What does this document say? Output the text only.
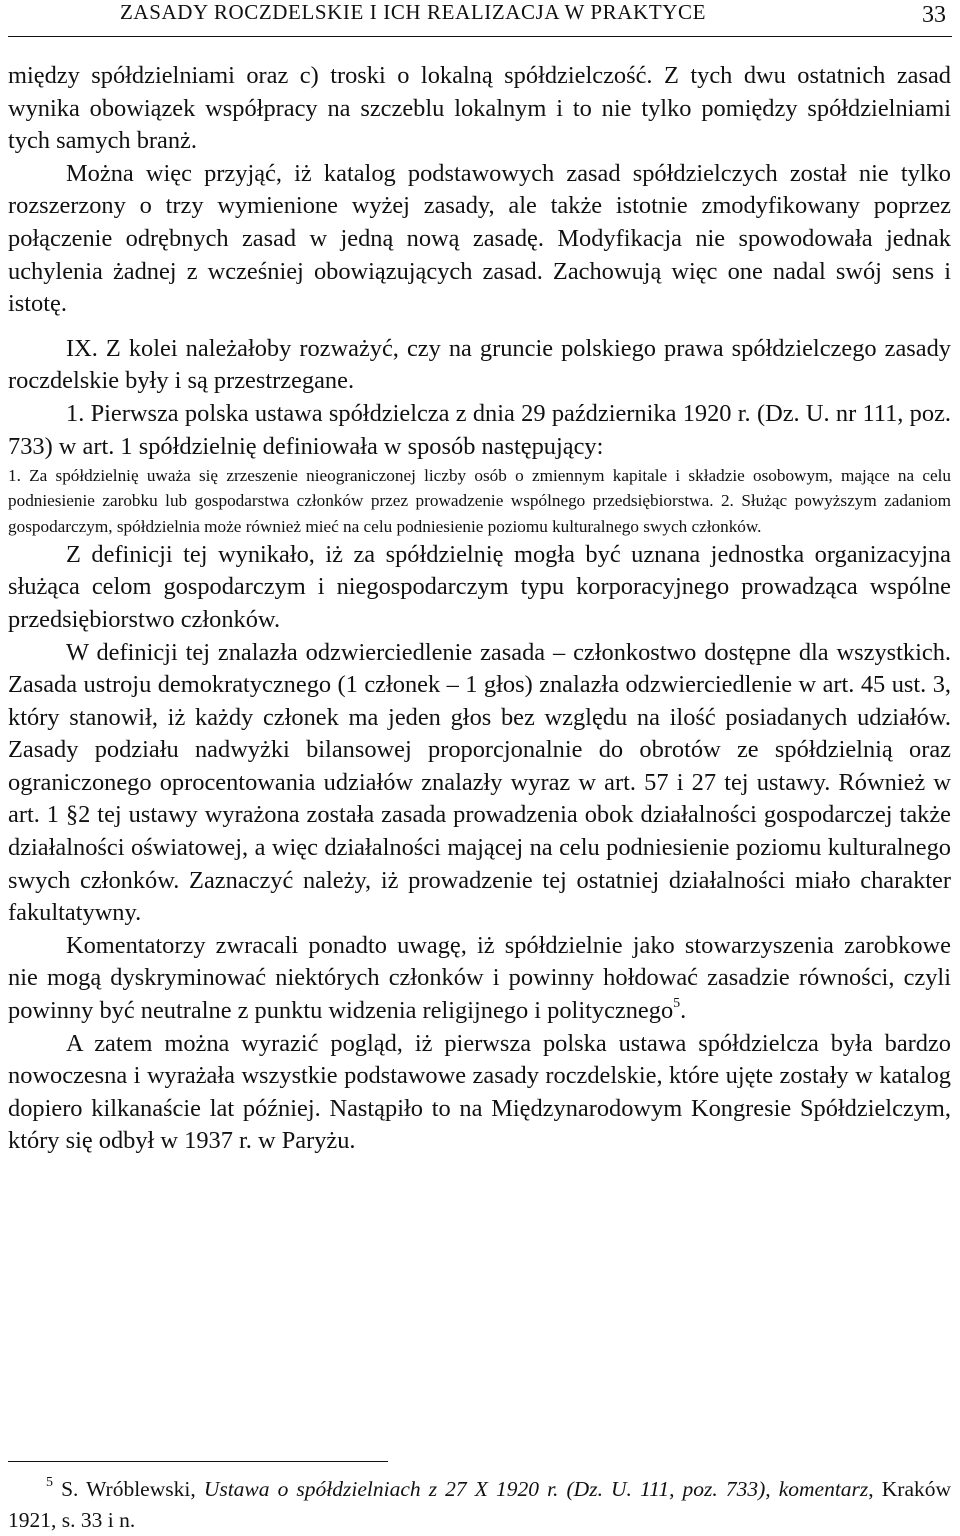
ZASADY ROCZDELSKIE I ICH REALIZACJA W PRAKTYCE	33

między spółdzielniami oraz c) troski o lokalną spółdzielczość. Z tych dwu ostatnich zasad wynika obowiązek współpracy na szczeblu lokalnym i to nie tylko pomiędzy spółdzielniami tych samych branż.

Można więc przyjąć, iż katalog podstawowych zasad spółdzielczych został nie tylko rozszerzony o trzy wymienione wyżej zasady, ale także istotnie zmodyfikowany poprzez połączenie odrębnych zasad w jedną nową zasadę. Modyfikacja nie spowodowała jednak uchylenia żadnej z wcześniej obowiązujących zasad. Zachowują więc one nadal swój sens i istotę.

IX. Z kolei należałoby rozważyć, czy na gruncie polskiego prawa spółdzielczego zasady roczdelskie były i są przestrzegane.

1. Pierwsza polska ustawa spółdzielcza z dnia 29 października 1920 r. (Dz. U. nr 111, poz. 733) w art. 1 spółdzielnię definiowała w sposób następujący:

1. Za spółdzielnię uważa się zrzeszenie nieograniczonej liczby osób o zmiennym kapitale i składzie osobowym, mające na celu podniesienie zarobku lub gospodarstwa członków przez prowadzenie wspólnego przedsiębiorstwa. 2. Służąc powyższym zadaniom gospodarczym, spółdzielnia może również mieć na celu podniesienie poziomu kulturalnego swych członków.

Z definicji tej wynikało, iż za spółdzielnię mogła być uznana jednostka organizacyjna służąca celom gospodarczym i niegospodarczym typu korporacyjnego prowadząca wspólne przedsiębiorstwo członków.

W definicji tej znalazła odzwierciedlenie zasada – członkostwo dostępne dla wszystkich. Zasada ustroju demokratycznego (1 członek – 1 głos) znalazła odzwierciedlenie w art. 45 ust. 3, który stanowił, iż każdy członek ma jeden głos bez względu na ilość posiadanych udziałów. Zasady podziału nadwyżki bilansowej proporcjonalnie do obrotów ze spółdzielnią oraz ograniczonego oprocentowania udziałów znalazły wyraz w art. 57 i 27 tej ustawy. Również w art. 1 §2 tej ustawy wyrażona została zasada prowadzenia obok działalności gospodarczej także działalności oświatowej, a więc działalności mającej na celu podniesienie poziomu kulturalnego swych członków. Zaznaczyć należy, iż prowadzenie tej ostatniej działalności miało charakter fakultatywny.

Komentatorzy zwracali ponadto uwagę, iż spółdzielnie jako stowarzyszenia zarobkowe nie mogą dyskryminować niektórych członków i powinny hołdować zasadzie równości, czyli powinny być neutralne z punktu widzenia religijnego i politycznego$^5$.

A zatem można wyrazić pogląd, iż pierwsza polska ustawa spółdzielcza była bardzo nowoczesna i wyrażała wszystkie podstawowe zasady roczdelskie, które ujęte zostały w katalog dopiero kilkanaście lat później. Nastąpiło to na Międzynarodowym Kongresie Spółdzielczym, który się odbył w 1937 r. w Paryżu.

$^5$ S. Wróblewski, Ustawa o spółdzielniach z 27 X 1920 r. (Dz. U. 111, poz. 733), komentarz, Kraków 1921, s. 33 i n.
